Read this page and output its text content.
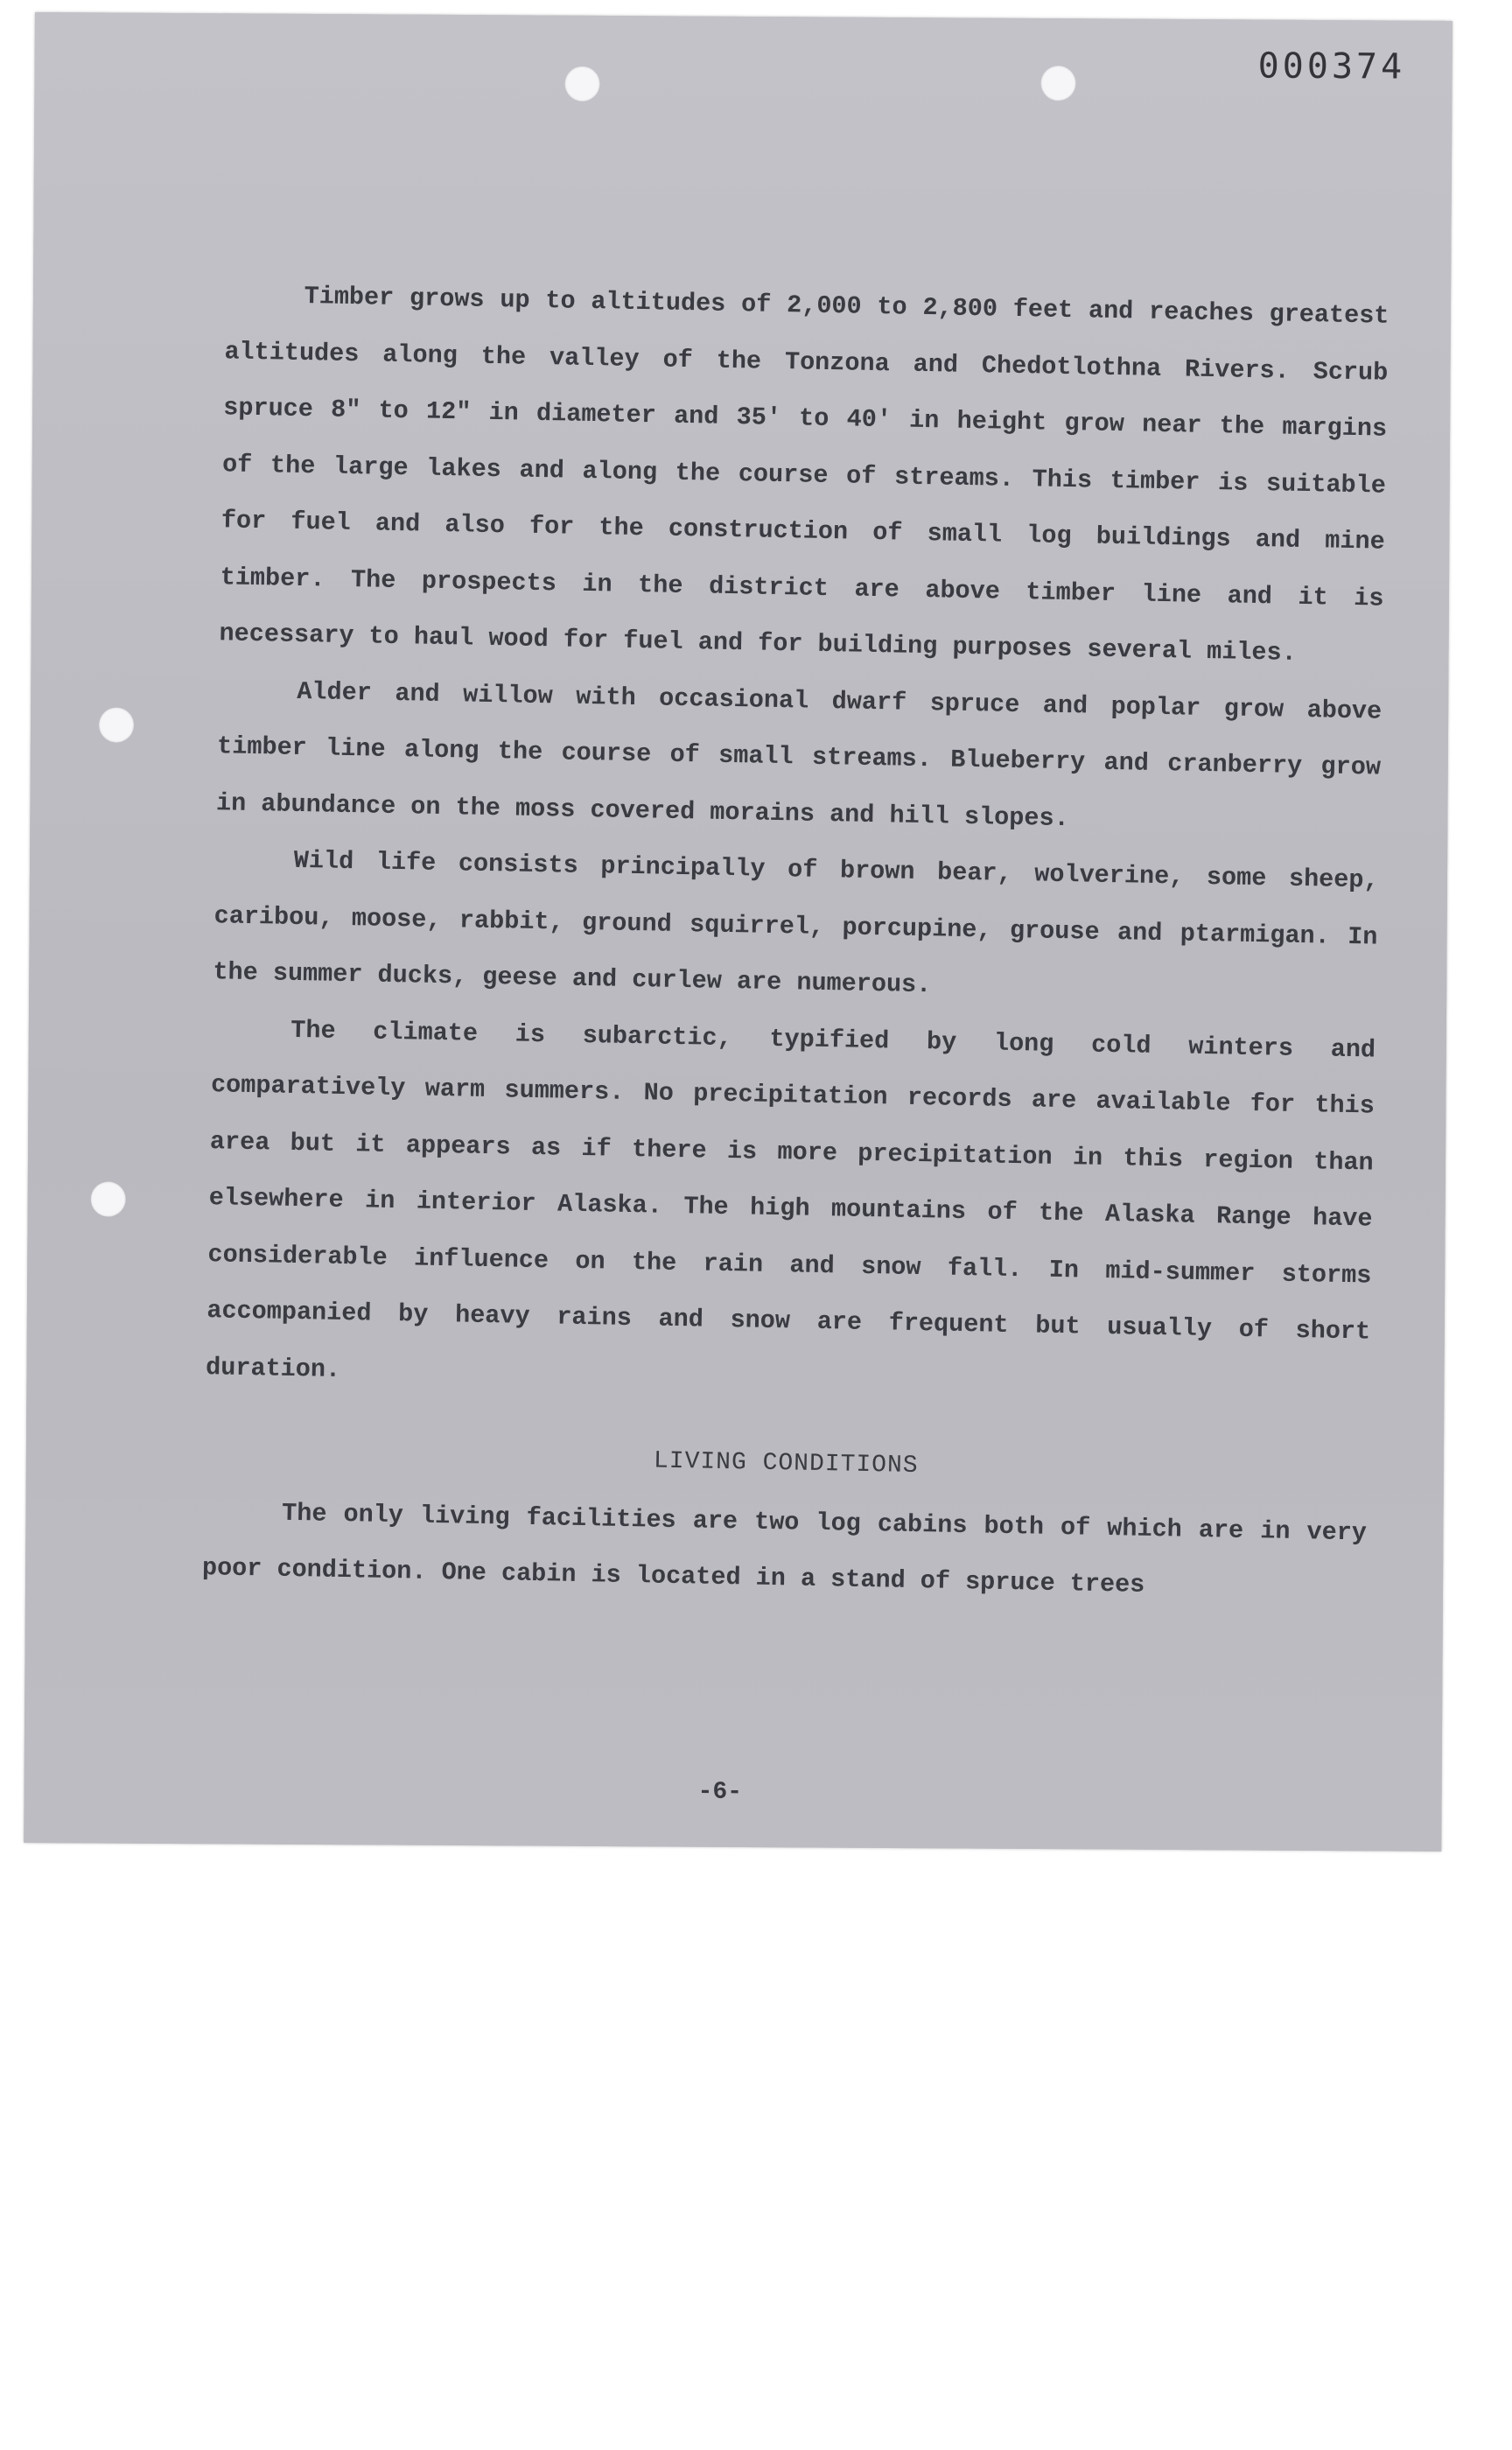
000374

Timber grows up to altitudes of 2,000 to 2,800 feet and reaches greatest altitudes along the valley of the Tonzona and Chedotlothna Rivers. Scrub spruce 8" to 12" in diameter and 35' to 40' in height grow near the margins of the large lakes and along the course of streams. This timber is suitable for fuel and also for the construction of small log buildings and mine timber. The prospects in the district are above timber line and it is necessary to haul wood for fuel and for building purposes several miles.

Alder and willow with occasional dwarf spruce and poplar grow above timber line along the course of small streams. Blueberry and cranberry grow in abundance on the moss covered morains and hill slopes.

Wild life consists principally of brown bear, wolverine, some sheep, caribou, moose, rabbit, ground squirrel, porcupine, grouse and ptarmigan. In the summer ducks, geese and curlew are numerous.

The climate is subarctic, typified by long cold winters and comparatively warm summers. No precipitation records are available for this area but it appears as if there is more precipitation in this region than elsewhere in interior Alaska. The high mountains of the Alaska Range have considerable influence on the rain and snow fall. In mid-summer storms accompanied by heavy rains and snow are frequent but usually of short duration.

LIVING CONDITIONS

The only living facilities are two log cabins both of which are in very poor condition. One cabin is located in a stand of spruce trees

-6-
